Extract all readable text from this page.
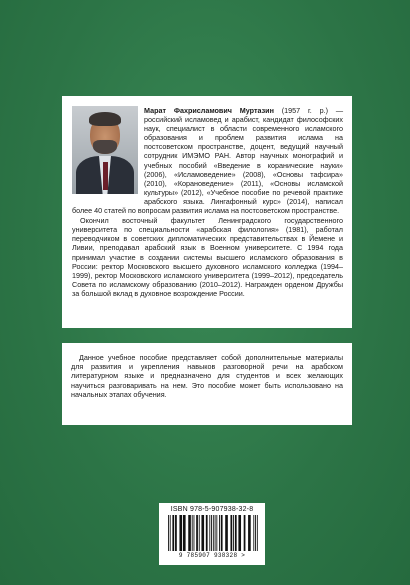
Марат Фахрисламович Муртазин (1957 г. р.) — российский исламовед и арабист, кандидат философских наук, специалист в области современного исламского образования и проблем развития ислама на постсоветском пространстве, доцент, ведущий научный сотрудник ИМЭМО РАН. Автор научных монографий и учебных пособий «Введение в коранические науки» (2006), «Исламоведение» (2008), «Основы тафсира» (2010), «Корановедение» (2011), «Основы исламской культуры» (2012), «Учебное пособие по речевой практике арабского языка. Лингафонный курс» (2014), написал более 40 статей по вопросам развития ислама на постсоветском пространстве.

Окончил восточный факультет Ленинградского государственного университета по специальности «арабская филология» (1981), работал переводчиком в советских дипломатических представительствах в Йемене и Ливии, преподавал арабский язык в Военном университете. С 1994 года принимал участие в создании системы высшего исламского образования в России: ректор Московского высшего духовного исламского колледжа (1994–1999), ректор Московского исламского университета (1999–2012), председатель Совета по исламскому образованию (2010–2012). Награжден орденом Дружбы за большой вклад в духовное возрождение России.

Данное учебное пособие представляет собой дополнительные материалы для развития и укрепления навыков разговорной речи на арабском литературном языке и предназначено для студентов и всех желающих научиться разговаривать на нем. Это пособие может быть использовано на начальных этапах обучения.

ISBN 978-5-907938-32-8

9 785907 938328 >
